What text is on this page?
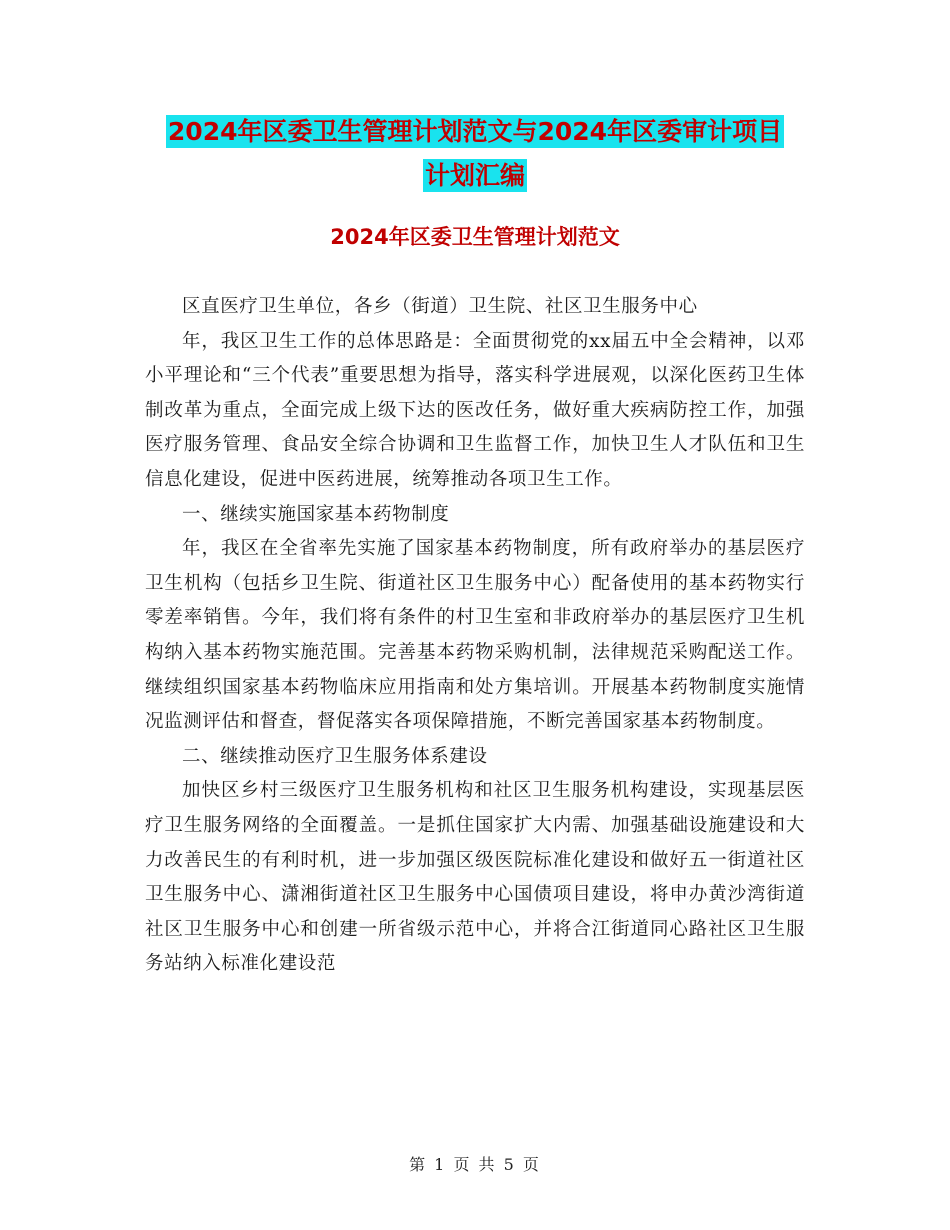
2024年区委卫生管理计划范文与2024年区委审计项目
计划汇编
2024年区委卫生管理计划范文

区直医疗卫生单位，各乡（街道）卫生院、社区卫生服务中心

年，我区卫生工作的总体思路是：全面贯彻党的xx届五中全会精神，以邓小平理论和“三个代表”重要思想为指导，落实科学进展观，以深化医药卫生体制改革为重点，全面完成上级下达的医改任务，做好重大疾病防控工作，加强医疗服务管理、食品安全综合协调和卫生监督工作，加快卫生人才队伍和卫生信息化建设，促进中医药进展，统筹推动各项卫生工作。

一、继续实施国家基本药物制度

年，我区在全省率先实施了国家基本药物制度，所有政府举办的基层医疗卫生机构（包括乡卫生院、街道社区卫生服务中心）配备使用的基本药物实行零差率销售。今年，我们将有条件的村卫生室和非政府举办的基层医疗卫生机构纳入基本药物实施范围。完善基本药物采购机制，法律规范采购配送工作。继续组织国家基本药物临床应用指南和处方集培训。开展基本药物制度实施情况监测评估和督查，督促落实各项保障措施，不断完善国家基本药物制度。

二、继续推动医疗卫生服务体系建设

加快区乡村三级医疗卫生服务机构和社区卫生服务机构建设，实现基层医疗卫生服务网络的全面覆盖。一是抓住国家扩大内需、加强基础设施建设和大力改善民生的有利时机，进一步加强区级医院标准化建设和做好五一街道社区卫生服务中心、潇湘街道社区卫生服务中心国债项目建设，将申办黄沙湾街道社区卫生服务中心和创建一所省级示范中心，并将合江街道同心路社区卫生服务站纳入标准化建设范

第 1 页 共 5 页
